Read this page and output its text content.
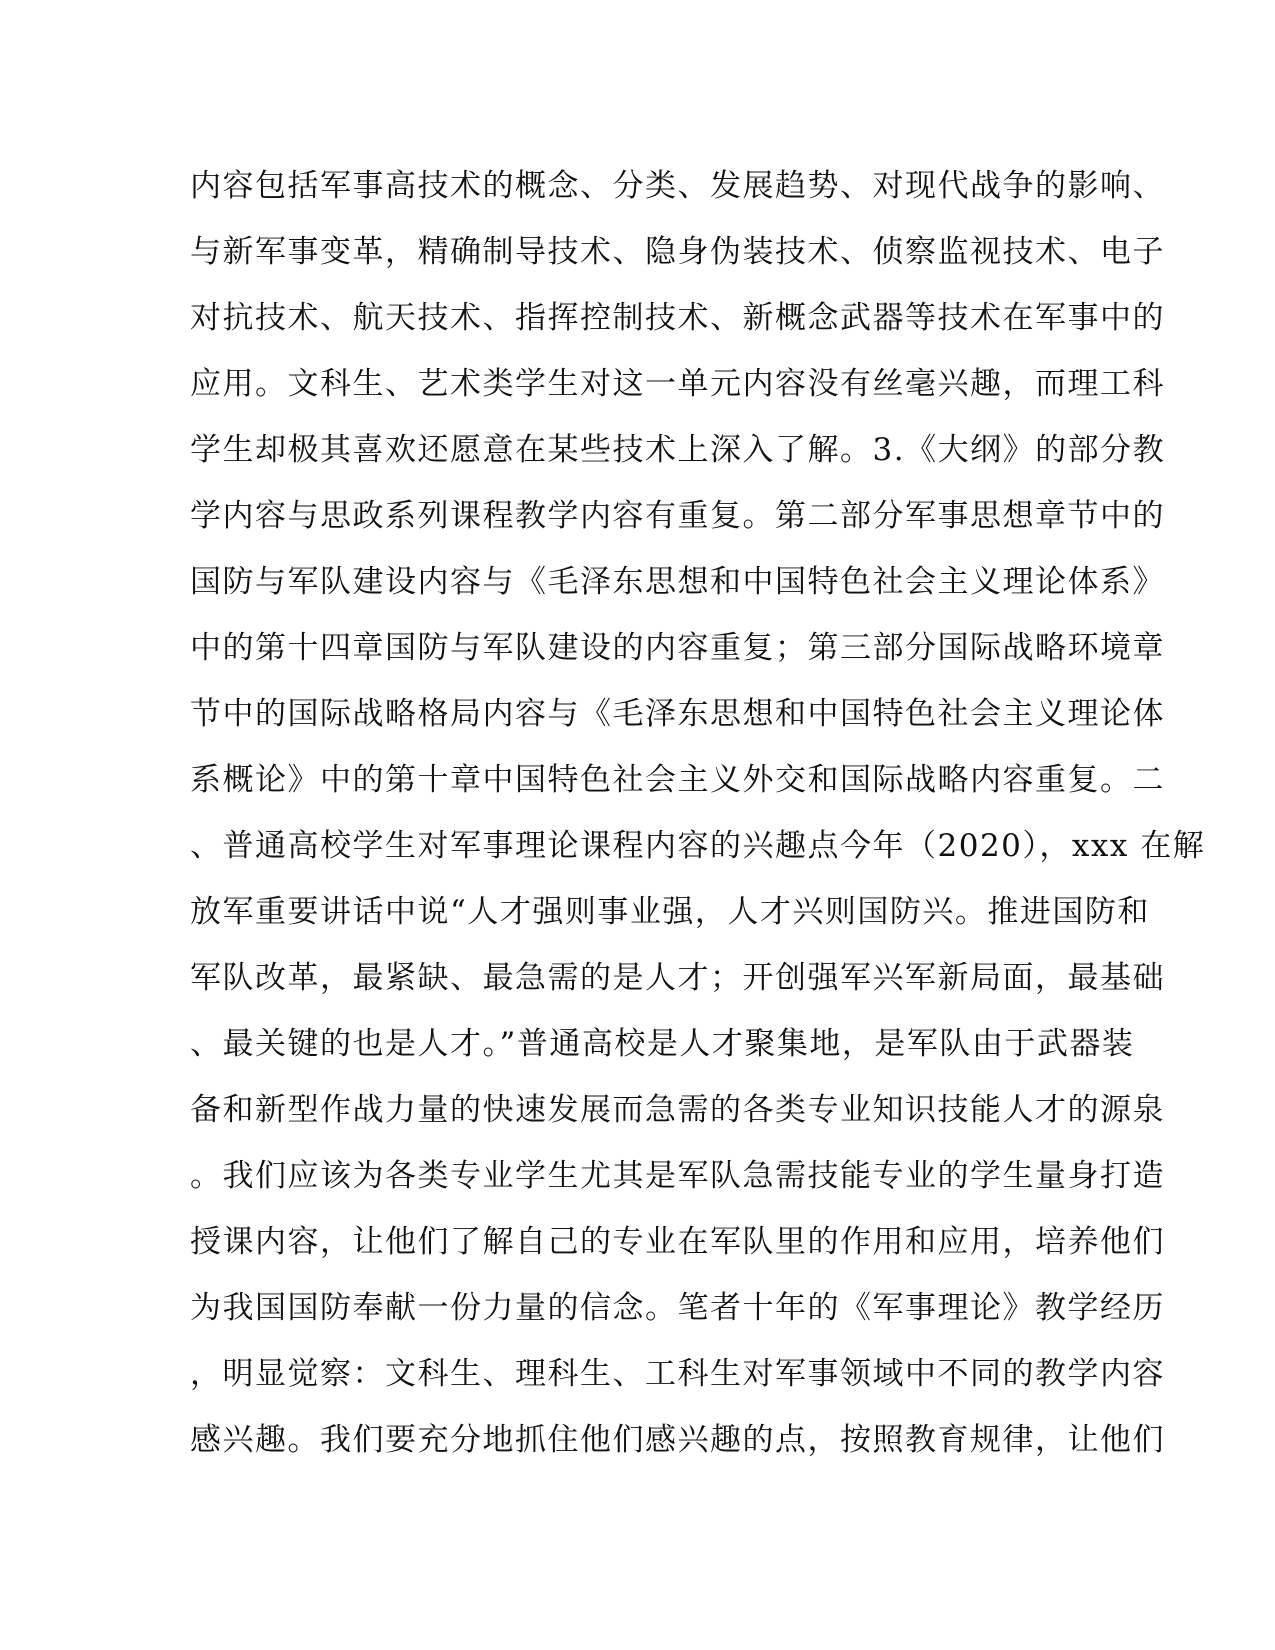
内容包括军事高技术的概念、分类、发展趋势、对现代战争的影响、
与新军事变革，精确制导技术、隐身伪装技术、侦察监视技术、电子
对抗技术、航天技术、指挥控制技术、新概念武器等技术在军事中的
应用。文科生、艺术类学生对这一单元内容没有丝毫兴趣，而理工科
学生却极其喜欢还愿意在某些技术上深入了解。3.《大纲》的部分教
学内容与思政系列课程教学内容有重复。第二部分军事思想章节中的
国防与军队建设内容与《毛泽东思想和中国特色社会主义理论体系》
中的第十四章国防与军队建设的内容重复；第三部分国际战略环境章
节中的国际战略格局内容与《毛泽东思想和中国特色社会主义理论体
系概论》中的第十章中国特色社会主义外交和国际战略内容重复。二
、普通高校学生对军事理论课程内容的兴趣点今年（2020），xxx 在解
放军重要讲话中说“人才强则事业强，人才兴则国防兴。推进国防和
军队改革，最紧缺、最急需的是人才；开创强军兴军新局面，最基础
、最关键的也是人才。”普通高校是人才聚集地，是军队由于武器装
备和新型作战力量的快速发展而急需的各类专业知识技能人才的源泉
。我们应该为各类专业学生尤其是军队急需技能专业的学生量身打造
授课内容，让他们了解自己的专业在军队里的作用和应用，培养他们
为我国国防奉献一份力量的信念。笔者十年的《军事理论》教学经历
，明显觉察：文科生、理科生、工科生对军事领域中不同的教学内容
感兴趣。我们要充分地抓住他们感兴趣的点，按照教育规律，让他们
